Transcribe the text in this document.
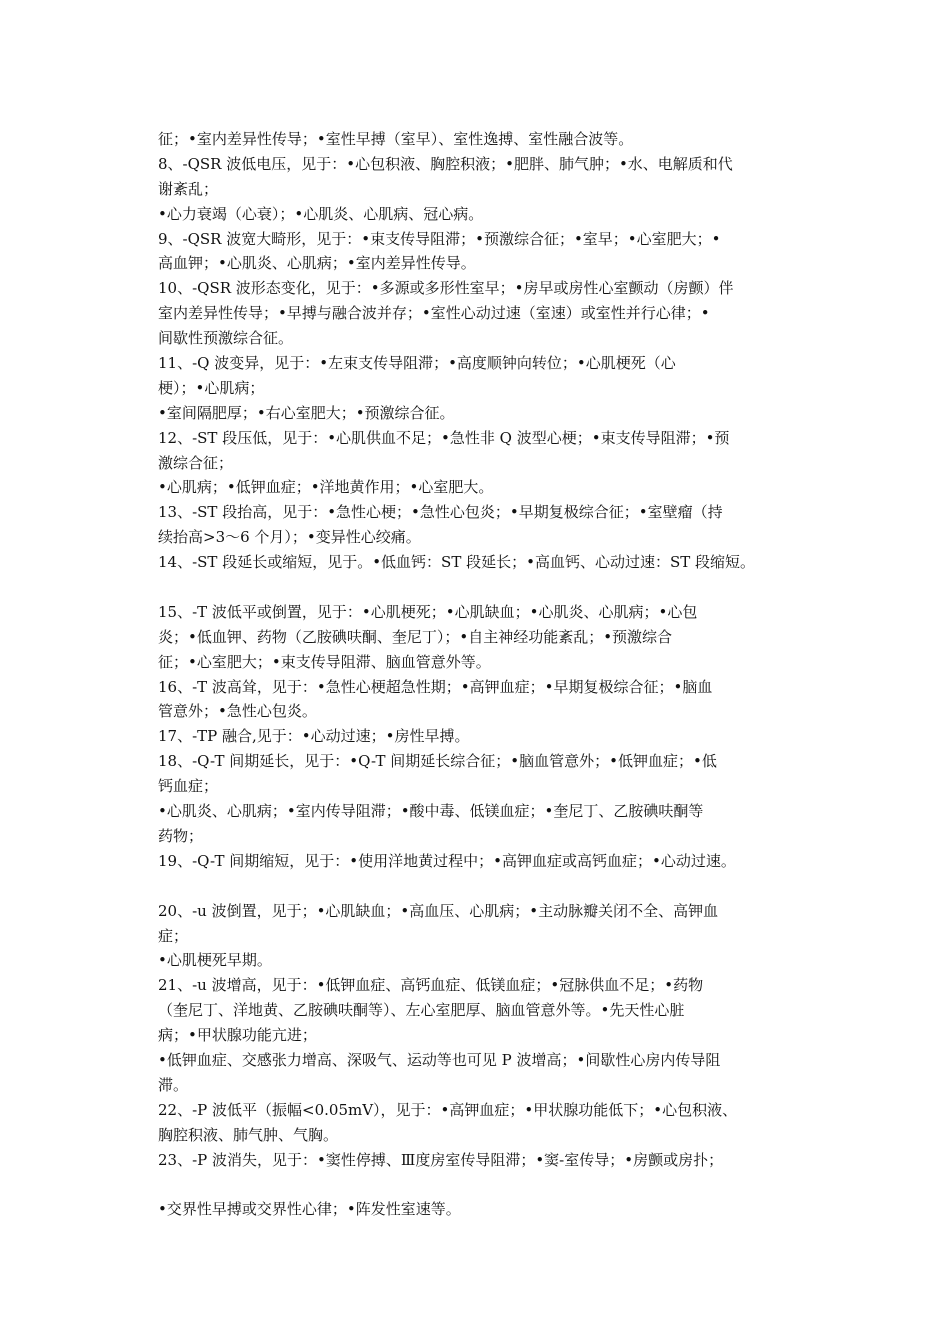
征；•室内差异性传导；•室性早搏（室早）、室性逸搏、室性融合波等。
8、-QSR 波低电压，见于：•心包积液、胸腔积液；•肥胖、肺气肿；•水、电解质和代
谢紊乱；
•心力衰竭（心衰）；•心肌炎、心肌病、冠心病。
9、-QSR 波宽大畸形，见于：•束支传导阻滞；•预激综合征；•室早；•心室肥大；•
高血钾；•心肌炎、心肌病；•室内差异性传导。
10、-QSR 波形态变化，见于：•多源或多形性室早；•房早或房性心室颤动（房颤）伴
室内差异性传导；•早搏与融合波并存；•室性心动过速（室速）或室性并行心律；•
间歇性预激综合征。
11、-Q 波变异，见于：•左束支传导阻滞；•高度顺钟向转位；•心肌梗死（心
梗）；•心肌病；
•室间隔肥厚；•右心室肥大；•预激综合征。
12、-ST 段压低，见于：•心肌供血不足；•急性非 Q 波型心梗；•束支传导阻滞；•预
激综合征；
•心肌病；•低钾血症；•洋地黄作用；•心室肥大。
13、-ST 段抬高，见于：•急性心梗；•急性心包炎；•早期复极综合征；•室壁瘤（持
续抬高>3～6 个月）；•变异性心绞痛。
14、-ST 段延长或缩短，见于。•低血钙：ST 段延长；•高血钙、心动过速：ST 段缩短。
15、-T 波低平或倒置，见于：•心肌梗死；•心肌缺血；•心肌炎、心肌病；•心包
炎；•低血钾、药物（乙胺碘呋酮、奎尼丁）；•自主神经功能紊乱；•预激综合
征；•心室肥大；•束支传导阻滞、脑血管意外等。
16、-T 波高耸，见于：•急性心梗超急性期；•高钾血症；•早期复极综合征；•脑血
管意外；•急性心包炎。
17、-TP 融合,见于：•心动过速；•房性早搏。
18、-Q-T 间期延长，见于：•Q-T 间期延长综合征；•脑血管意外；•低钾血症；•低
钙血症；
•心肌炎、心肌病；•室内传导阻滞；•酸中毒、低镁血症；•奎尼丁、乙胺碘呋酮等
药物；
19、-Q-T 间期缩短，见于：•使用洋地黄过程中；•高钾血症或高钙血症；•心动过速。
20、-u 波倒置，见于；•心肌缺血；•高血压、心肌病；•主动脉瓣关闭不全、高钾血
症；
•心肌梗死早期。
21、-u 波增高，见于：•低钾血症、高钙血症、低镁血症；•冠脉供血不足；•药物
（奎尼丁、洋地黄、乙胺碘呋酮等）、左心室肥厚、脑血管意外等。•先天性心脏
病；•甲状腺功能亢进；
•低钾血症、交感张力增高、深吸气、运动等也可见 P 波增高；•间歇性心房内传导阻
滞。
22、-P 波低平（振幅<0.05mV），见于：•高钾血症；•甲状腺功能低下；•心包积液、
胸腔积液、肺气肿、气胸。
23、-P 波消失，见于：•窦性停搏、Ⅲ度房室传导阻滞；•窦-室传导；•房颤或房扑；
•交界性早搏或交界性心律；•阵发性室速等。
